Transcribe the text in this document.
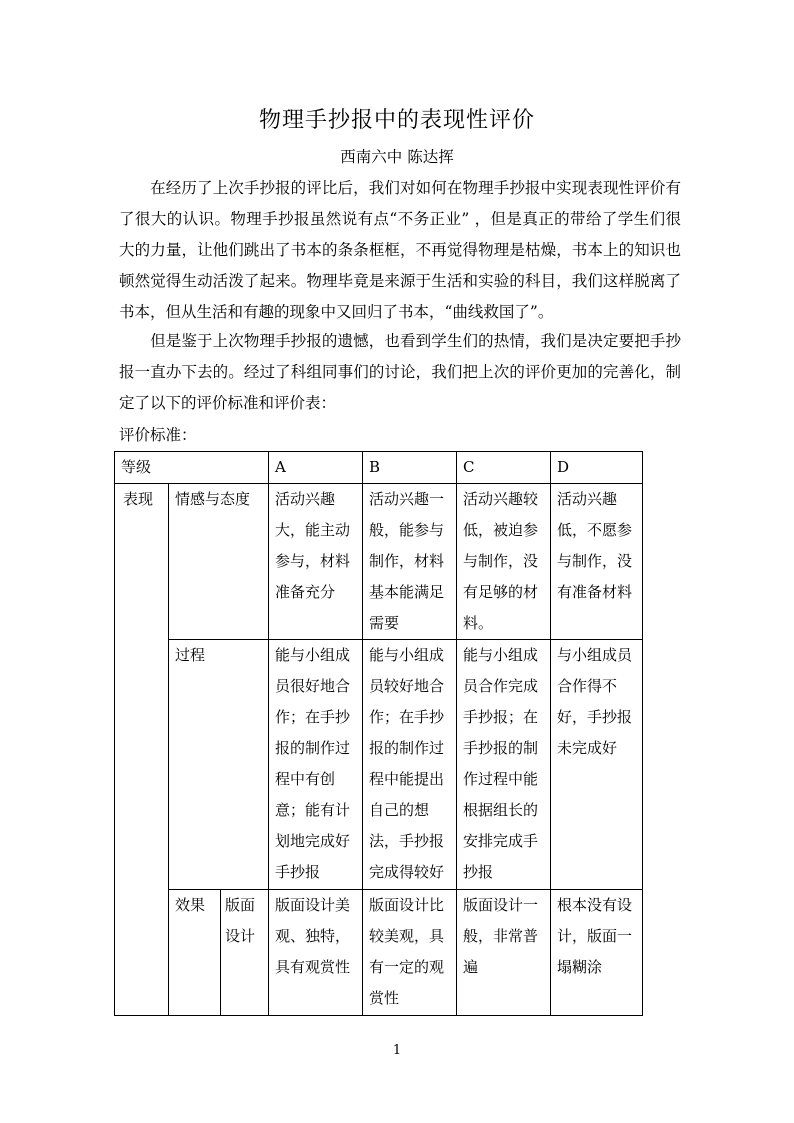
物理手抄报中的表现性评价
西南六中 陈达挥
在经历了上次手抄报的评比后，我们对如何在物理手抄报中实现表现性评价有了很大的认识。物理手抄报虽然说有点“不务正业” ，但是真正的带给了学生们很大的力量，让他们跳出了书本的条条框框，不再觉得物理是枯燥，书本上的知识也顿然觉得生动活泼了起来。物理毕竟是来源于生活和实验的科目，我们这样脱离了书本，但从生活和有趣的现象中又回归了书本，“曲线救国了”。
但是鉴于上次物理手抄报的遗憾，也看到学生们的热情，我们是决定要把手抄报一直办下去的。经过了科组同事们的讨论，我们把上次的评价更加的完善化，制定了以下的评价标准和评价表：
评价标准：
等级			A	B	C	D
表现	情感与态度		活动兴趣大，能主动参与，材料准备充分	活动兴趣一般，能参与制作，材料基本能满足需要	活动兴趣较低，被迫参与制作，没有足够的材料。	活动兴趣低，不愿参与制作，没有准备材料
	过程		能与小组成员很好地合作；在手抄报的制作过程中有创意；能有计划地完成好手抄报	能与小组成员较好地合作；在手抄报的制作过程中能提出自己的想法，手抄报完成得较好	能与小组成员合作完成手抄报；在手抄报的制作过程中能根据组长的安排完成手抄报	与小组成员合作得不好，手抄报未完成好
	效果	版面设计	版面设计美观、独特，具有观赏性	版面设计比较美观，具有一定的观赏性	版面设计一般，非常普遍	根本没有设计，版面一塌糊涂
1
